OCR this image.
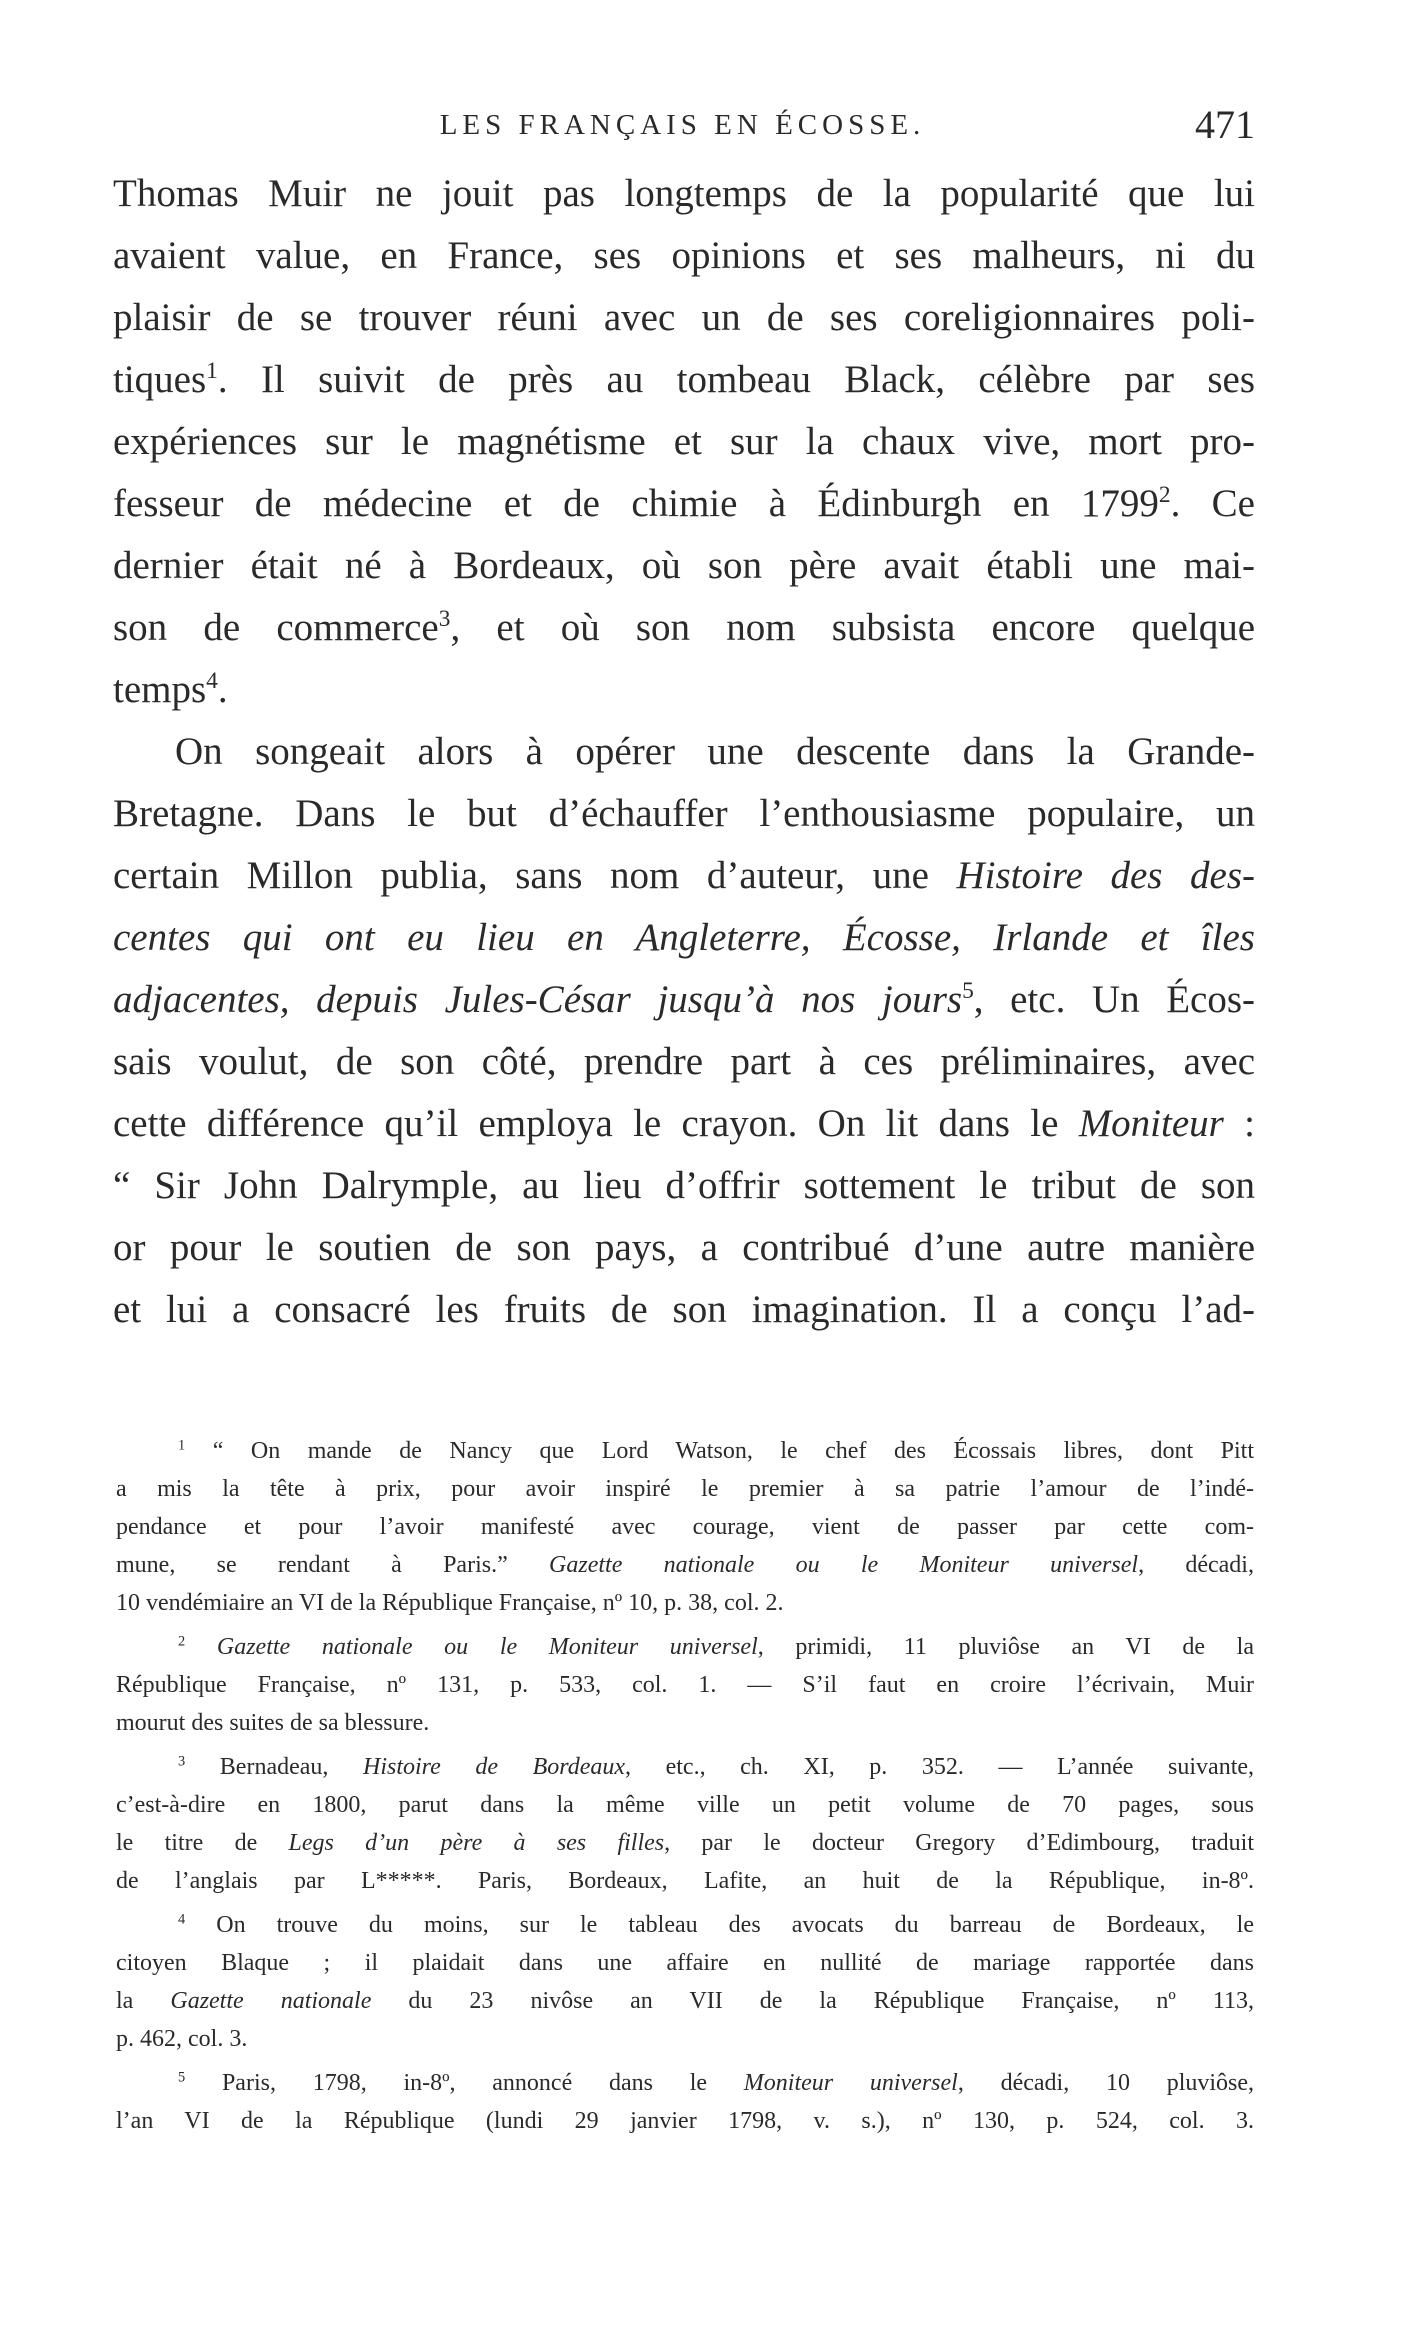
LES FRANÇAIS EN ÉCOSSE.	471
Thomas Muir ne jouit pas longtemps de la popularité que lui
avaient value, en France, ses opinions et ses malheurs, ni du
plaisir de se trouver réuni avec un de ses coreligionnaires poli-
tiques$^1$. Il suivit de près au tombeau Black, célèbre par ses
expériences sur le magnétisme et sur la chaux vive, mort pro-
fesseur de médecine et de chimie à Édinburgh en 1799$^2$. Ce
dernier était né à Bordeaux, où son père avait établi une mai-
son de commerce$^3$, et où son nom subsista encore quelque
temps$^4$.
On songeait alors à opérer une descente dans la Grande-
Bretagne. Dans le but d’échauffer l’enthousiasme populaire, un
certain Millon publia, sans nom d’auteur, une Histoire des des-
centes qui ont eu lieu en Angleterre, Écosse, Irlande et îles
adjacentes, depuis Jules-César jusqu’à nos jours$^5$, etc. Un Écos-
sais voulut, de son côté, prendre part à ces préliminaires, avec
cette différence qu’il employa le crayon. On lit dans le Moniteur :
“ Sir John Dalrymple, au lieu d’offrir sottement le tribut de son
or pour le soutien de son pays, a contribué d’une autre manière
et lui a consacré les fruits de son imagination. Il a conçu l’ad-
$^1$ “ On mande de Nancy que Lord Watson, le chef des Écossais libres, dont Pitt
a mis la tête à prix, pour avoir inspiré le premier à sa patrie l’amour de l’indé-
pendance et pour l’avoir manifesté avec courage, vient de passer par cette com-
mune, se rendant à Paris.” Gazette nationale ou le Moniteur universel, décadi,
10 vendémiaire an VI de la République Française, nº 10, p. 38, col. 2.
$^2$ Gazette nationale ou le Moniteur universel, primidi, 11 pluviôse an VI de la
République Française, nº 131, p. 533, col. 1. — S’il faut en croire l’écrivain, Muir
mourut des suites de sa blessure.
$^3$ Bernadeau, Histoire de Bordeaux, etc., ch. XI, p. 352. — L’année suivante,
c’est-à-dire en 1800, parut dans la même ville un petit volume de 70 pages, sous
le titre de Legs d’un père à ses filles, par le docteur Gregory d’Edimbourg, traduit
de l’anglais par L*****. Paris, Bordeaux, Lafite, an huit de la République, in-8º.
$^4$ On trouve du moins, sur le tableau des avocats du barreau de Bordeaux, le
citoyen Blaque ; il plaidait dans une affaire en nullité de mariage rapportée dans
la Gazette nationale du 23 nivôse an VII de la République Française, nº 113,
p. 462, col. 3.
$^5$ Paris, 1798, in-8º, annoncé dans le Moniteur universel, décadi, 10 pluviôse,
l’an VI de la République (lundi 29 janvier 1798, v. s.), nº 130, p. 524, col. 3.
